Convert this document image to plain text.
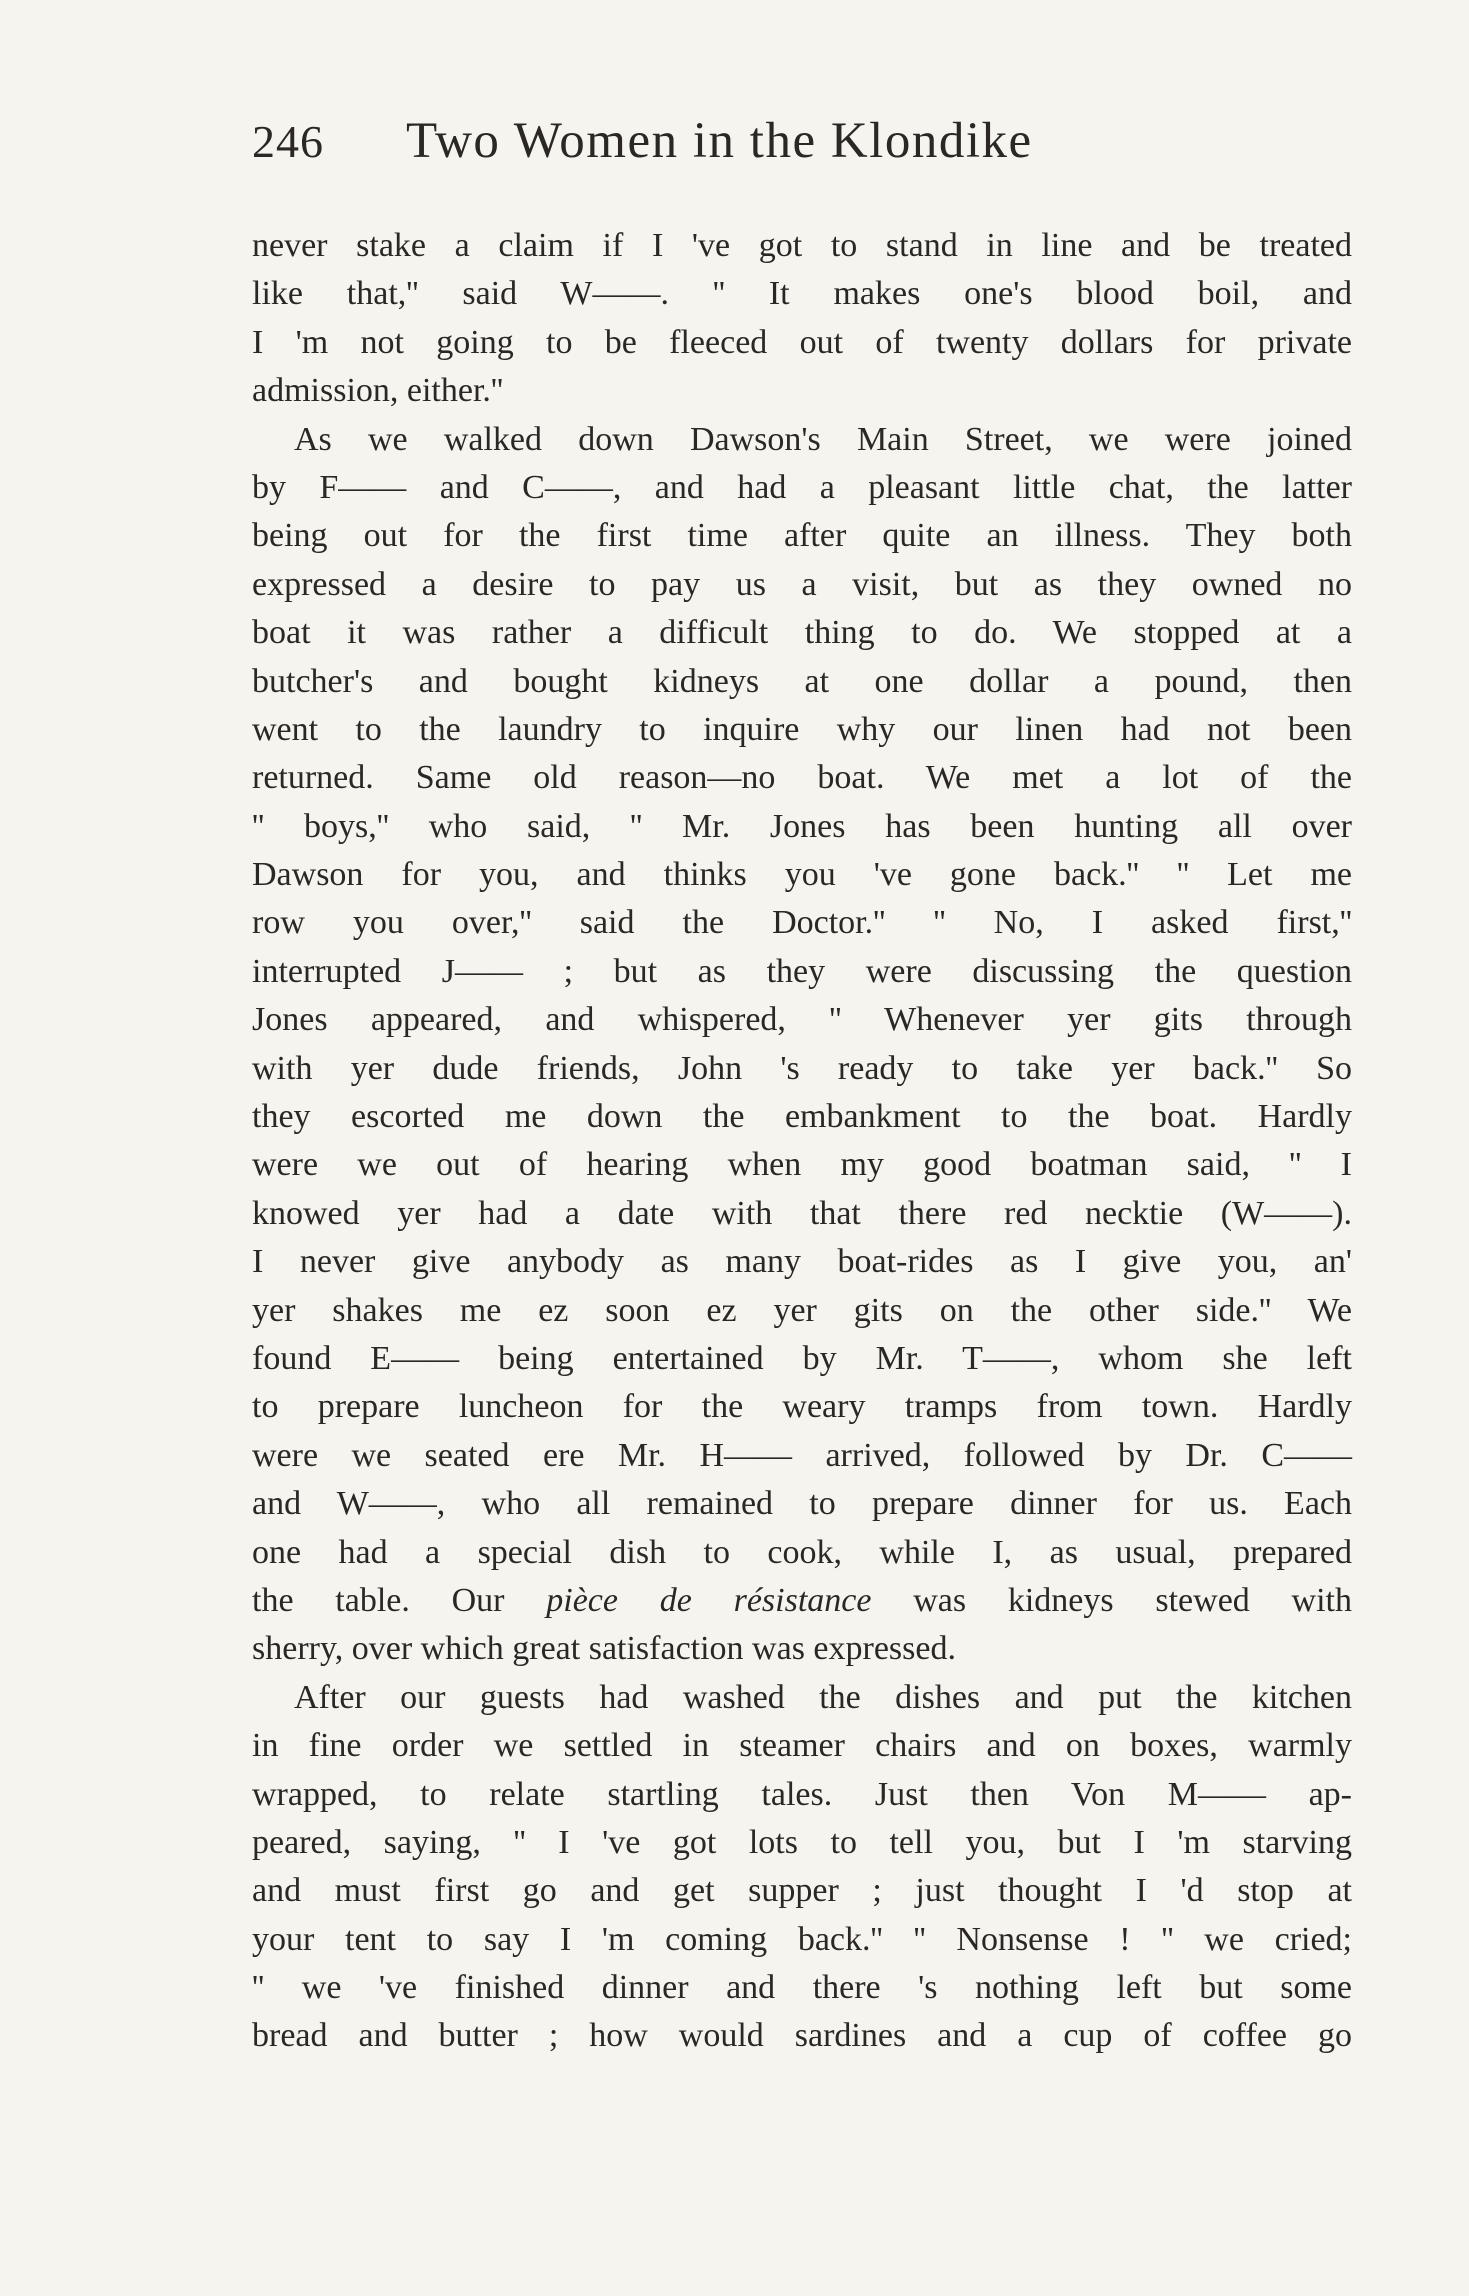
246 Two Women in the Klondike
never stake a claim if I 've got to stand in line and be treated
like that,'' said W——. '' It makes one's blood boil, and
I 'm not going to be fleeced out of twenty dollars for private
admission, either.''
As we walked down Dawson's Main Street, we were joined
by F—— and C——, and had a pleasant little chat, the latter
being out for the first time after quite an illness. They both
expressed a desire to pay us a visit, but as they owned no
boat it was rather a difficult thing to do. We stopped at a
butcher's and bought kidneys at one dollar a pound, then
went to the laundry to inquire why our linen had not been
returned. Same old reason—no boat. We met a lot of the
'' boys,'' who said, '' Mr. Jones has been hunting all over
Dawson for you, and thinks you 've gone back.'' '' Let me
row you over,'' said the Doctor.'' '' No, I asked first,''
interrupted J—— ; but as they were discussing the question
Jones appeared, and whispered, '' Whenever yer gits through
with yer dude friends, John 's ready to take yer back.'' So
they escorted me down the embankment to the boat. Hardly
were we out of hearing when my good boatman said, '' I
knowed yer had a date with that there red necktie (W——).
I never give anybody as many boat-rides as I give you, an'
yer shakes me ez soon ez yer gits on the other side.'' We
found E—— being entertained by Mr. T——, whom she left
to prepare luncheon for the weary tramps from town. Hardly
were we seated ere Mr. H—— arrived, followed by Dr. C——
and W——, who all remained to prepare dinner for us. Each
one had a special dish to cook, while I, as usual, prepared
the table. Our pièce de résistance was kidneys stewed with
sherry, over which great satisfaction was expressed.
After our guests had washed the dishes and put the kitchen
in fine order we settled in steamer chairs and on boxes, warmly
wrapped, to relate startling tales. Just then Von M—— ap-
peared, saying, '' I 've got lots to tell you, but I 'm starving
and must first go and get supper ; just thought I 'd stop at
your tent to say I 'm coming back.'' '' Nonsense ! '' we cried;
'' we 've finished dinner and there 's nothing left but some
bread and butter ; how would sardines and a cup of coffee go
